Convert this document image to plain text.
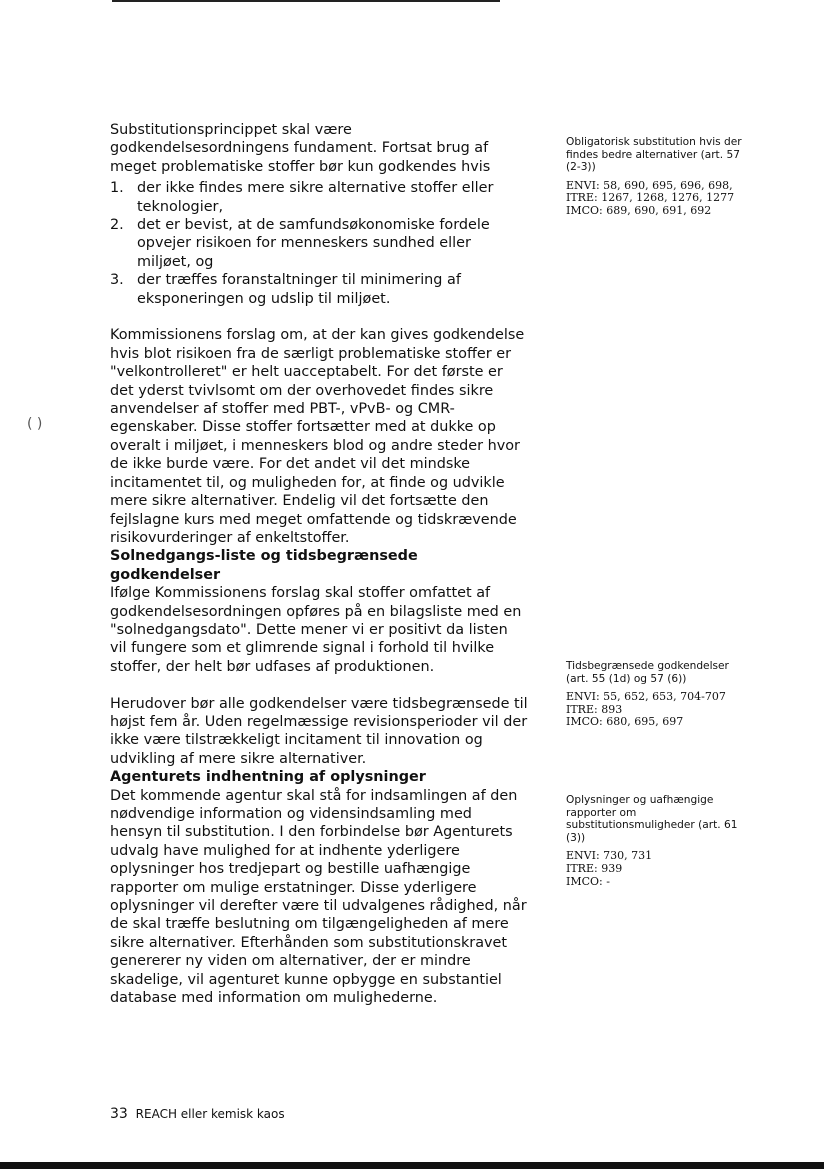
( )

Substitutionsprincippet skal være godkendelsesordningens fundament. Fortsat brug af meget problematiske stoffer bør kun godkendes hvis

1. der ikke findes mere sikre alternative stoffer eller teknologier,
2. det er bevist, at de samfundsøkonomiske fordele opvejer risikoen for menneskers sundhed eller miljøet, og
3. der træffes foranstaltninger til minimering af eksponeringen og udslip til miljøet.

Kommissionens forslag om, at der kan gives godkendelse hvis blot risikoen fra de særligt problematiske stoffer er "velkontrolleret" er helt uacceptabelt. For det første er det yderst tvivlsomt om der overhovedet findes sikre anvendelser af stoffer med PBT-, vPvB- og CMR-egenskaber. Disse stoffer fortsætter med at dukke op overalt i miljøet, i menneskers blod og andre steder hvor de ikke burde være. For det andet vil det mindske incitamentet til, og muligheden for, at finde og udvikle mere sikre alternativer. Endelig vil det fortsætte den fejlslagne kurs med meget omfattende og tidskrævende risikovurderinger af enkeltstoffer.

Solnedgangs-liste og tidsbegrænsede godkendelser

Ifølge Kommissionens forslag skal stoffer omfattet af godkendelsesordningen opføres på en bilagsliste med en "solnedgangsdato". Dette mener vi er positivt da listen vil fungere som et glimrende signal i forhold til hvilke stoffer, der helt bør udfases af produktionen.

Herudover bør alle godkendelser være tidsbegrænsede til højst fem år. Uden regelmæssige revisionsperioder vil der ikke være tilstrækkeligt incitament til innovation og udvikling af mere sikre alternativer.

Agenturets indhentning af oplysninger

Det kommende agentur skal stå for indsamlingen af den nødvendige information og vidensindsamling med hensyn til substitution. I den forbindelse bør Agenturets udvalg have mulighed for at indhente yderligere oplysninger hos tredjepart og bestille uafhængige rapporter om mulige erstatninger. Disse yderligere oplysninger vil derefter være til udvalgenes rådighed, når de skal træffe beslutning om tilgængeligheden af mere sikre alternativer. Efterhånden som substitutionskravet genererer ny viden om alternativer, der er mindre skadelige, vil agenturet kunne opbygge en substantiel database med information om mulighederne.

Obligatorisk substitution hvis der findes bedre alternativer (art. 57 (2-3))
ENVI: 58, 690, 695, 696, 698,
ITRE: 1267, 1268, 1276, 1277
IMCO: 689, 690, 691, 692
Tidsbegrænsede godkendelser (art. 55 (1d) og 57 (6))
ENVI: 55, 652, 653, 704-707
ITRE: 893
IMCO: 680, 695, 697
Oplysninger og uafhængige rapporter om substitutionsmuligheder (art. 61 (3))
ENVI: 730, 731
ITRE: 939
IMCO: -
33 REACH eller kemisk kaos
